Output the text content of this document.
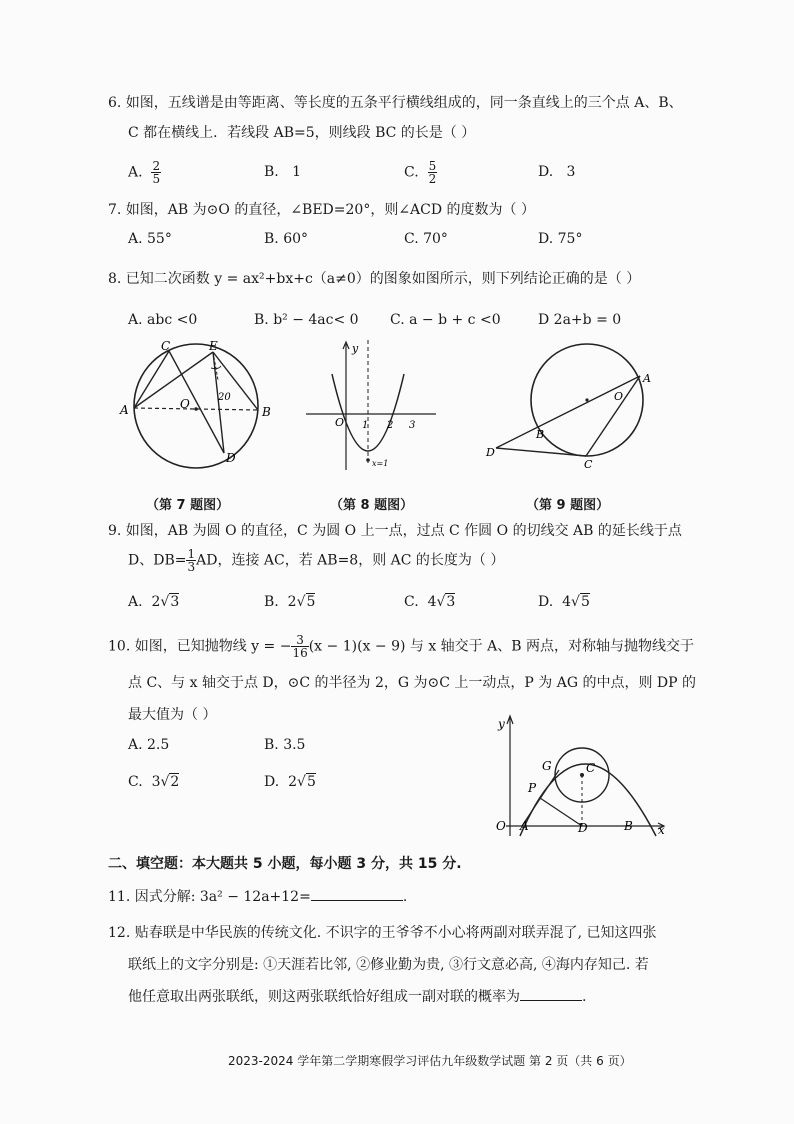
6. 如图，五线谱是由等距离、等长度的五条平行横线组成的，同一条直线上的三个点 A、B、
C 都在横线上．若线段 AB=5，则线段 BC 的长是（ ）
A. $\frac{2}{5}$	B. 1	C. $\frac{5}{2}$	D. 3
7. 如图，AB 为⊙O 的直径，∠BED=20°，则∠ACD 的度数为（ ）
A. 55°	B. 60°	C. 70°	D. 75°
8. 已知二次函数 y = ax²+bx+c（a≠0）的图象如图所示，则下列结论正确的是（ ）
A. abc <0	B. b² − 4ac< 0 C. a − b + c <0	D 2a+b = 0
C	E
A	O
B
D
20
y
O 1 2 3
x=1
O
A
B
D
C
（第 7 题图）	（第 8 题图）	（第 9 题图）
9. 如图，AB 为圆 O 的直径，C 为圆 O 上一点，过点 C 作圆 O 的切线交 AB 的延长线于点
D、$DB= \frac{1}{3}$ AD，连接 AC，若 AB=8，则 AC 的长度为（ ）
A. 2√3	B. 2√5	C. 4√3	D. 4√5
10. 如图，已知抛物线 y = − $\frac{3}{16} (x - 1)(x - 9)$ 与 x 轴交于 A、B 两点，对称轴与抛物线交于
点 C、与 x 轴交于点 D，⊙C 的半径为 2，G 为⊙C 上一动点，P 为 AG 的中点，则 DP 的
最大值为（ ）
A. 2.5	B. 3.5
C. 3√2	D. 2√5
y
G	C
P
O A	D	B x
二、填空题：本大题共 5 小题，每小题 3 分，共 15 分.
11. 因式分解: 3a² − 12a+12=	.
12. 贴春联是中华民族的传统文化. 不识字的王爷爷不小心将两副对联弄混了, 已知这四张
联纸上的文字分别是: ①天涯若比邻, ②修业勤为贵, ③行文意必高, ④海内存知己. 若
他任意取出两张联纸，则这两张联纸恰好组成一副对联的概率为	.
2023-2024 学年第二学期寒假学习评估九年级数学试题 第 2 页（共 6 页）
